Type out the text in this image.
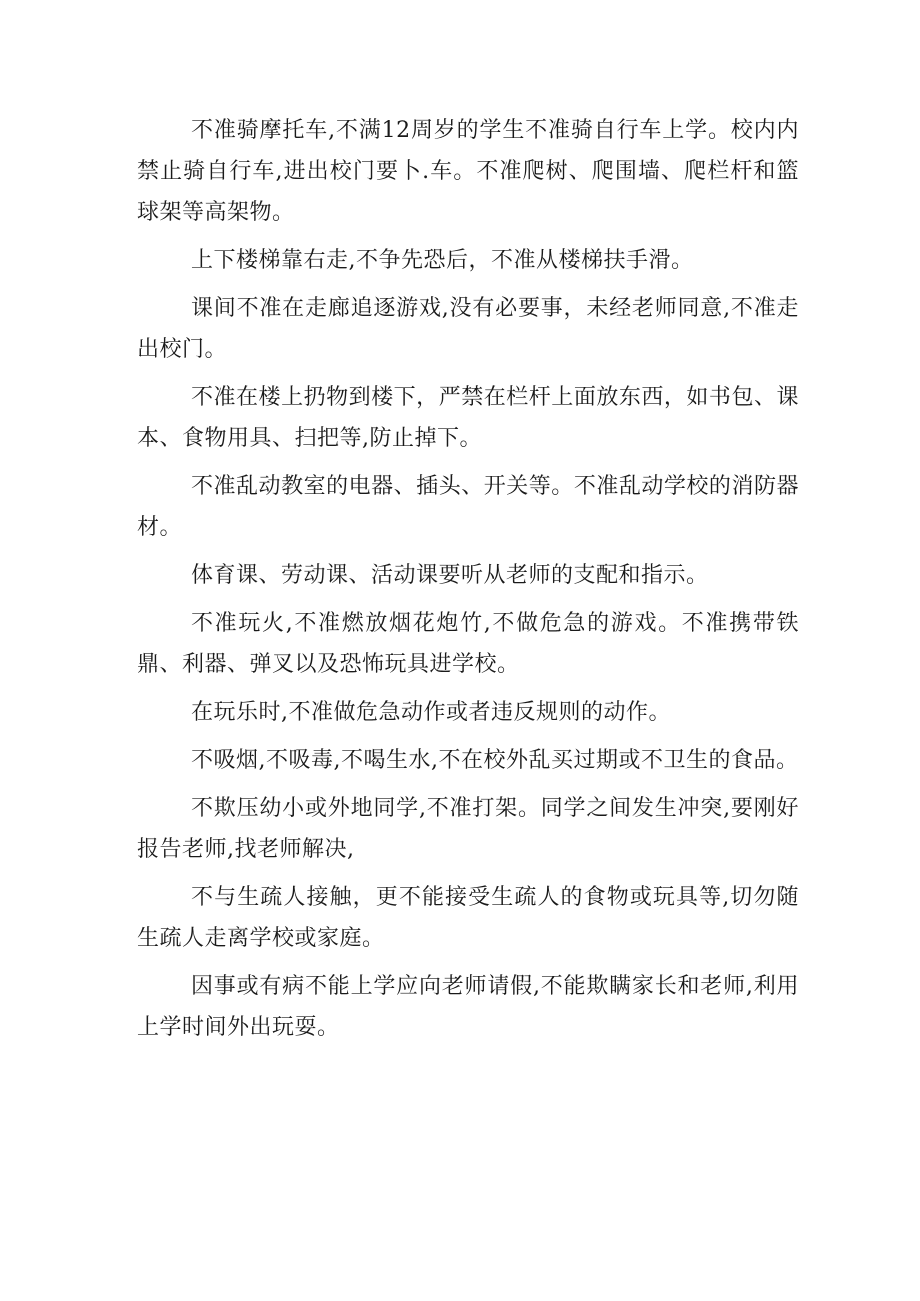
不准骑摩托车,不满12周岁的学生不准骑自行车上学。校内内禁止骑自行车,进出校门要卜.车。不准爬树、爬围墙、爬栏杆和篮球架等高架物。

上下楼梯靠右走,不争先恐后，不准从楼梯扶手滑。

课间不准在走廊追逐游戏,没有必要事，未经老师同意,不准走出校门。

不准在楼上扔物到楼下，严禁在栏杆上面放东西，如书包、课本、食物用具、扫把等,防止掉下。

不准乱动教室的电器、插头、开关等。不准乱动学校的消防器材。

体育课、劳动课、活动课要听从老师的支配和指示。

不准玩火,不准燃放烟花炮竹,不做危急的游戏。不准携带铁鼎、利器、弹叉以及恐怖玩具进学校。

在玩乐时,不准做危急动作或者违反规则的动作。

不吸烟,不吸毒,不喝生水,不在校外乱买过期或不卫生的食品。

不欺压幼小或外地同学,不准打架。同学之间发生冲突,要刚好报告老师,找老师解决,

不与生疏人接触，更不能接受生疏人的食物或玩具等,切勿随生疏人走离学校或家庭。

因事或有病不能上学应向老师请假,不能欺瞒家长和老师,利用上学时间外出玩耍。
